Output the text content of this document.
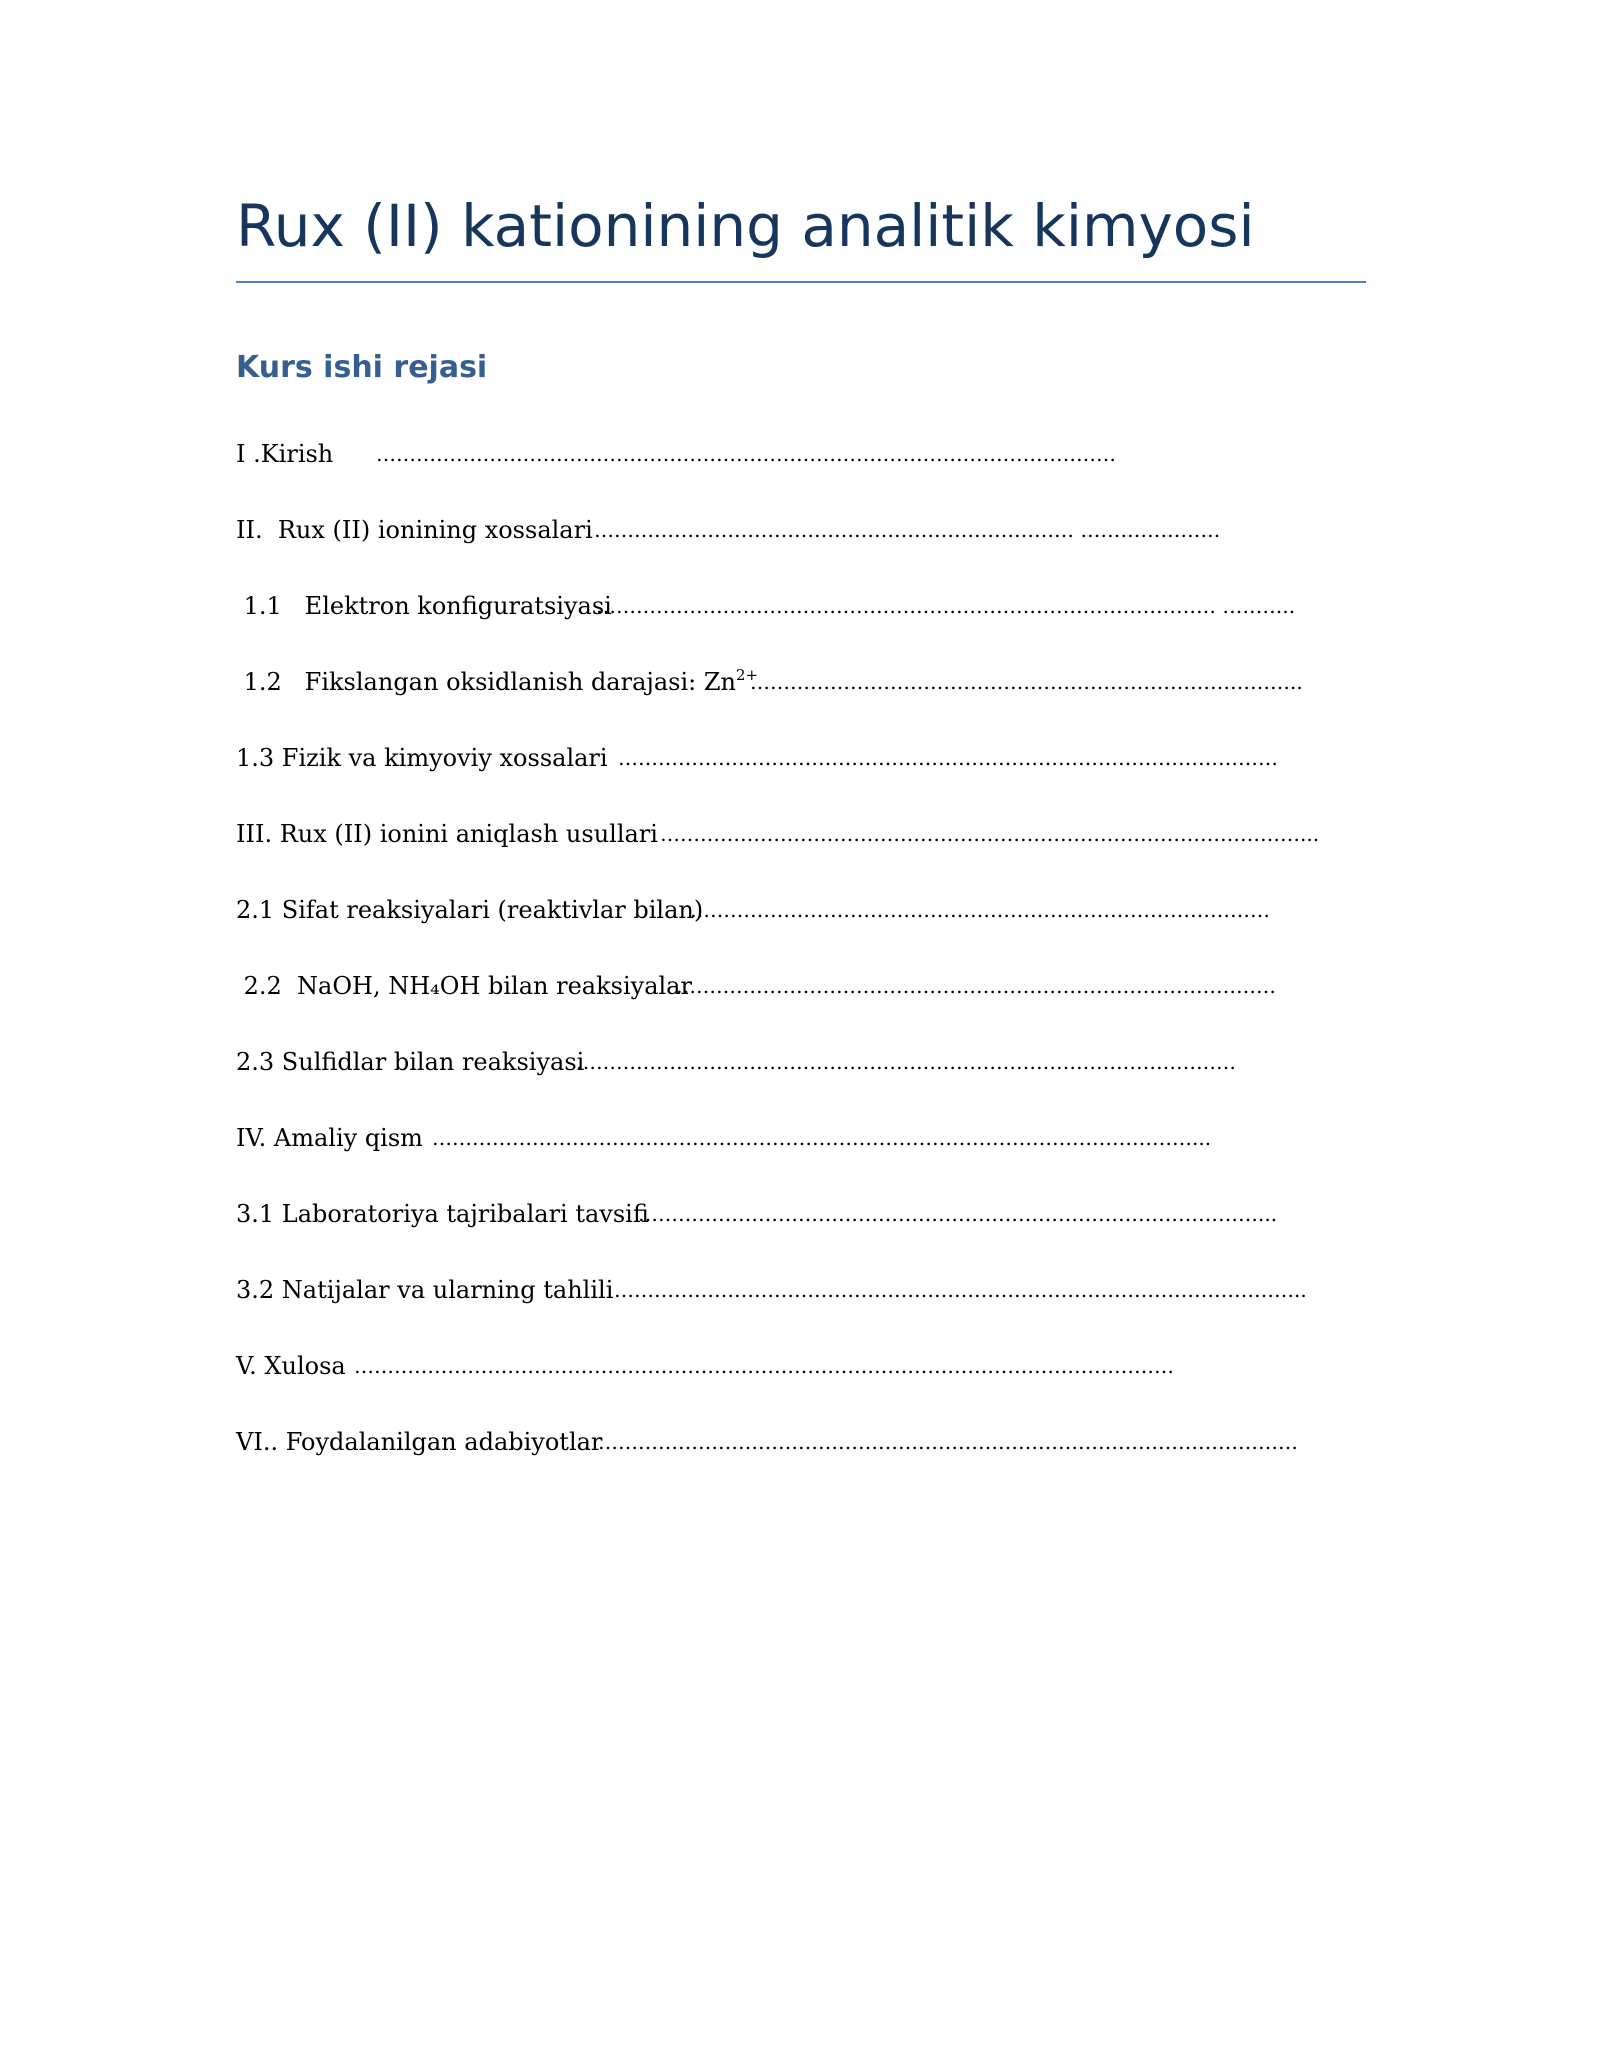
Rux (II) kationining analitik kimyosi
Kurs ishi rejasi
I .Kirish …………………………………………………………………………………………………
II.  Rux (II) ionining xossalari ……………………………………………………………… …………………
1.1   Elektron konfiguratsiyasi
………………………………………………………………………………… ………..
1.2   Fikslangan oksidlanish darajasi: $Zn^{2+}$
………………………………………………………………………..
1.3 Fizik va kimyoviy xossalari ………………………………………………………………………………………
III. Rux (II) ionini aniqlash usullari ……………………………………………………………………………………...
2.1 Sifat reaksiyalari (reaktivlar bilan)
……………………………………………………………………………
2.2  NaOH, NH₄OH bilan reaksiyalar
………………………………………………………………………………
2.3 Sulfidlar bilan reaksiyasi
………………………………………………………………………………………
IV. Amaliy qism ……………………………………………………………………………………………………...
3.1 Laboratoriya tajribalari tavsifi
…………………………………………………………………………………...
3.2 Natijalar va ularning tahlili …………………………………………………………………………………………..
V. Xulosa ……………………………………………………………………………………………………………
VI.. Foydalanilgan adabiyotlar
……………………………………………………………………………………………
